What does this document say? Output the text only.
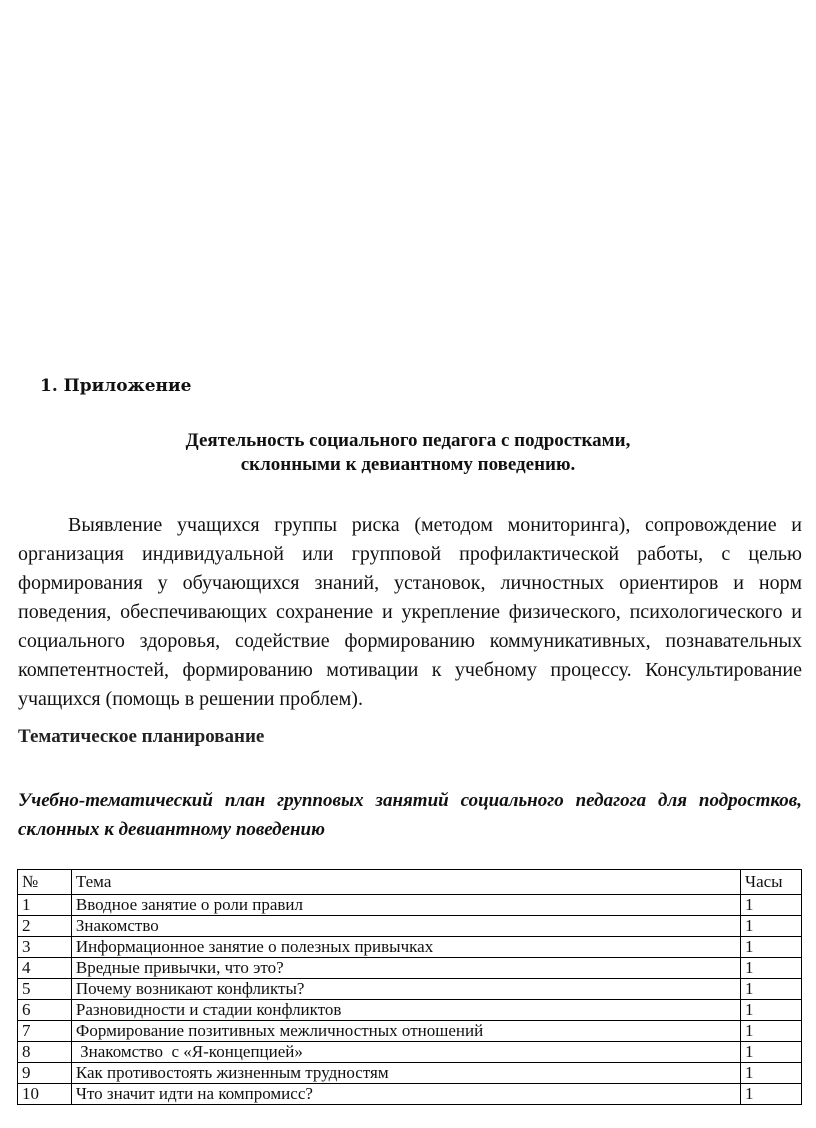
1. Приложение
Деятельность социального педагога с подростками,
склонными к девиантному поведению.

Выявление учащихся группы риска (методом мониторинга), сопровождение и организация индивидуальной или групповой профилактической работы, с целью формирования у обучающихся знаний, установок, личностных ориентиров и норм поведения, обеспечивающих сохранение и укрепление физического, психологического и социального здоровья, содействие формированию коммуникативных, познавательных компетентностей, формированию мотивации к учебному процессу. Консультирование учащихся (помощь в решении проблем).

Тематическое планирование

Учебно-тематический план групповых занятий социального педагога для подростков, склонных к девиантному поведению

№	Тема	Часы
1	Вводное занятие о роли правил	1
2	Знакомство	1
3	Информационное занятие о полезных привычках	1
4	Вредные привычки, что это?	1
5	Почему возникают конфликты?	1
6	Разновидности и стадии конфликтов	1
7	Формирование позитивных межличностных отношений	1
8	Знакомство  с «Я-концепцией»	1
9	Как противостоять жизненным трудностям	1
10	Что значит идти на компромисс?	1
